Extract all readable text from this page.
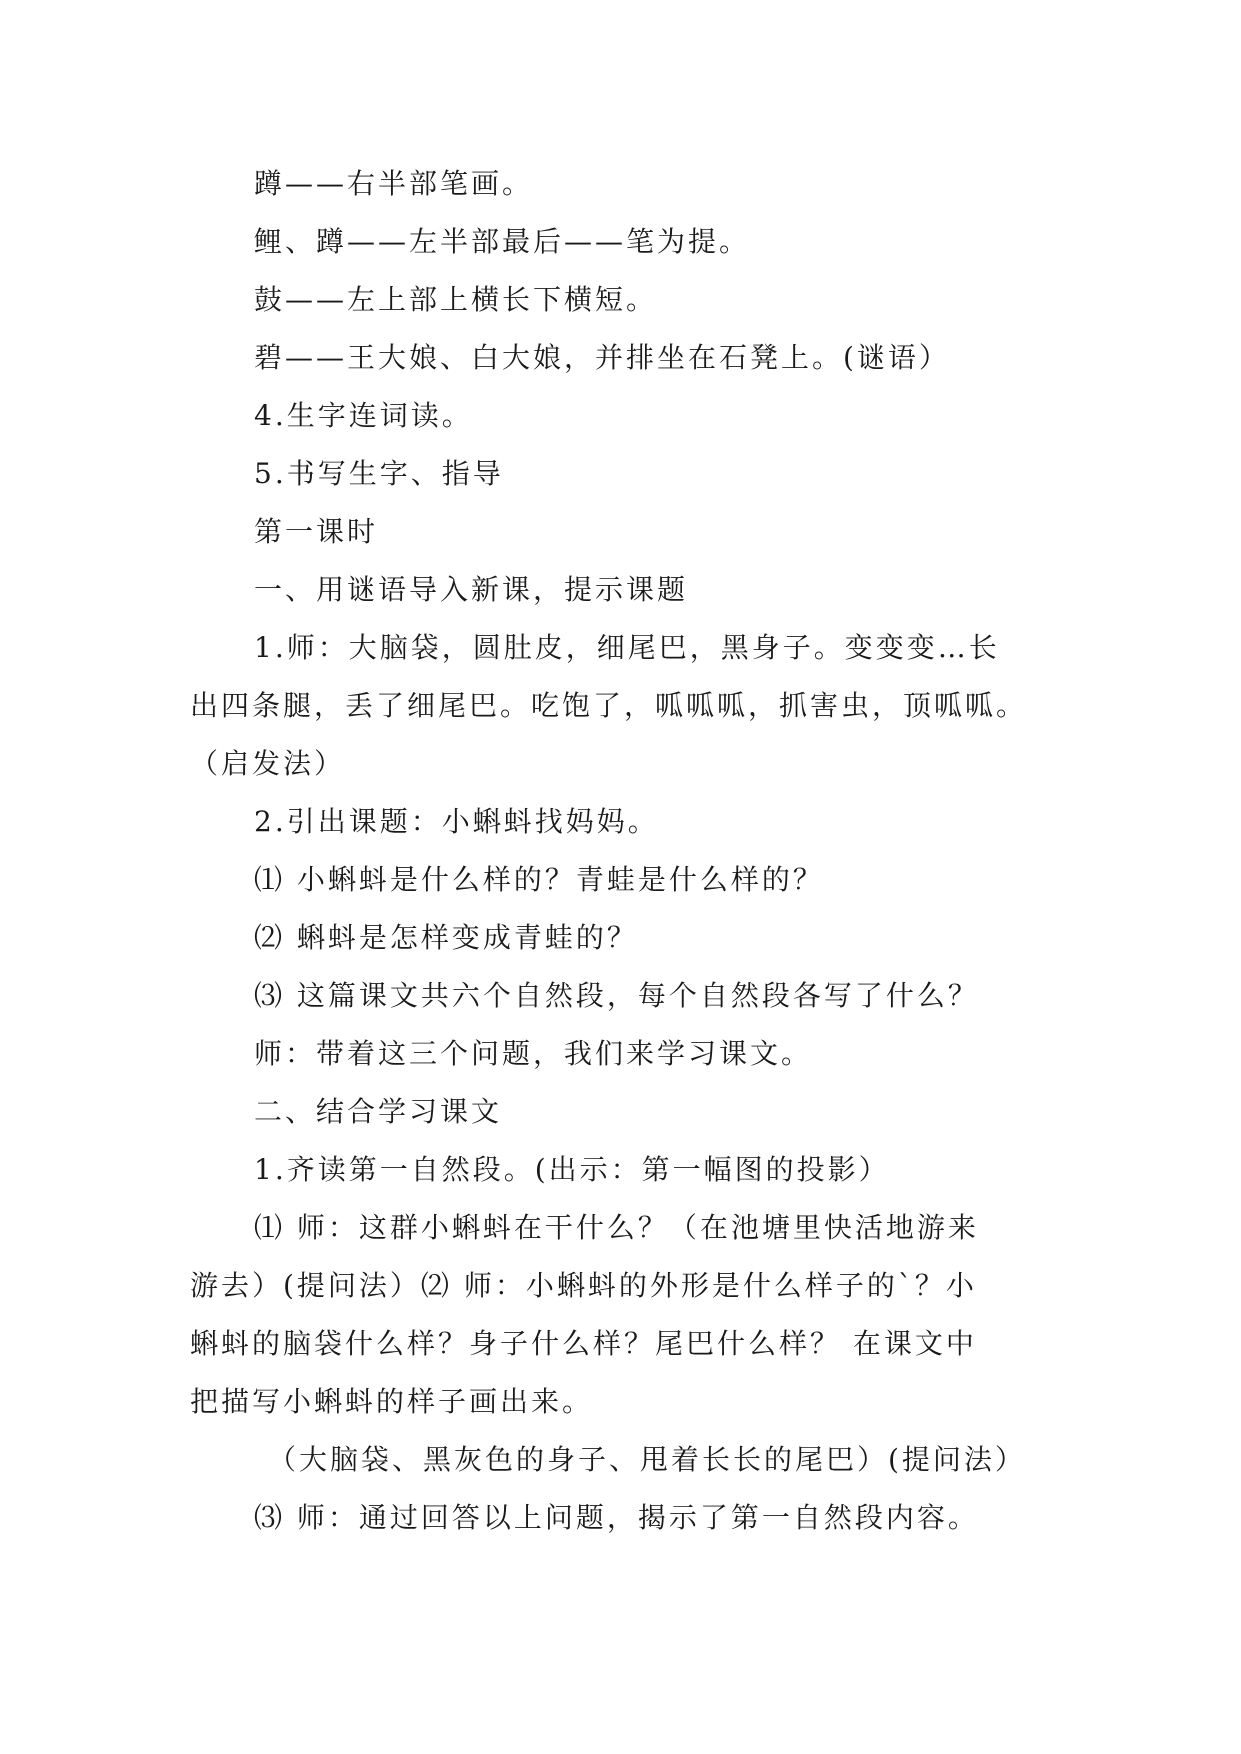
蹲——右半部笔画。
鲤、蹲——左半部最后——笔为提。
鼓——左上部上横长下横短。
碧——王大娘、白大娘，并排坐在石凳上。(谜语）
4.生字连词读。
5.书写生字、指导
第一课时
一、用谜语导入新课，提示课题
1.师：大脑袋，圆肚皮，细尾巴，黑身子。变变变…长
出四条腿，丢了细尾巴。吃饱了，呱呱呱，抓害虫，顶呱呱。
（启发法）
2.引出课题：小蝌蚪找妈妈。
⑴ 小蝌蚪是什么样的？青蛙是什么样的？
⑵ 蝌蚪是怎样变成青蛙的？
⑶ 这篇课文共六个自然段，每个自然段各写了什么？
师：带着这三个问题，我们来学习课文。
二、结合学习课文
1.齐读第一自然段。(出示：第一幅图的投影）
⑴ 师：这群小蝌蚪在干什么？（在池塘里快活地游来
游去）(提问法）⑵ 师：小蝌蚪的外形是什么样子的`？小
蝌蚪的脑袋什么样？身子什么样？尾巴什么样？ 在课文中
把描写小蝌蚪的样子画出来。
（大脑袋、黑灰色的身子、甩着长长的尾巴）(提问法）
⑶ 师：通过回答以上问题，揭示了第一自然段内容。
